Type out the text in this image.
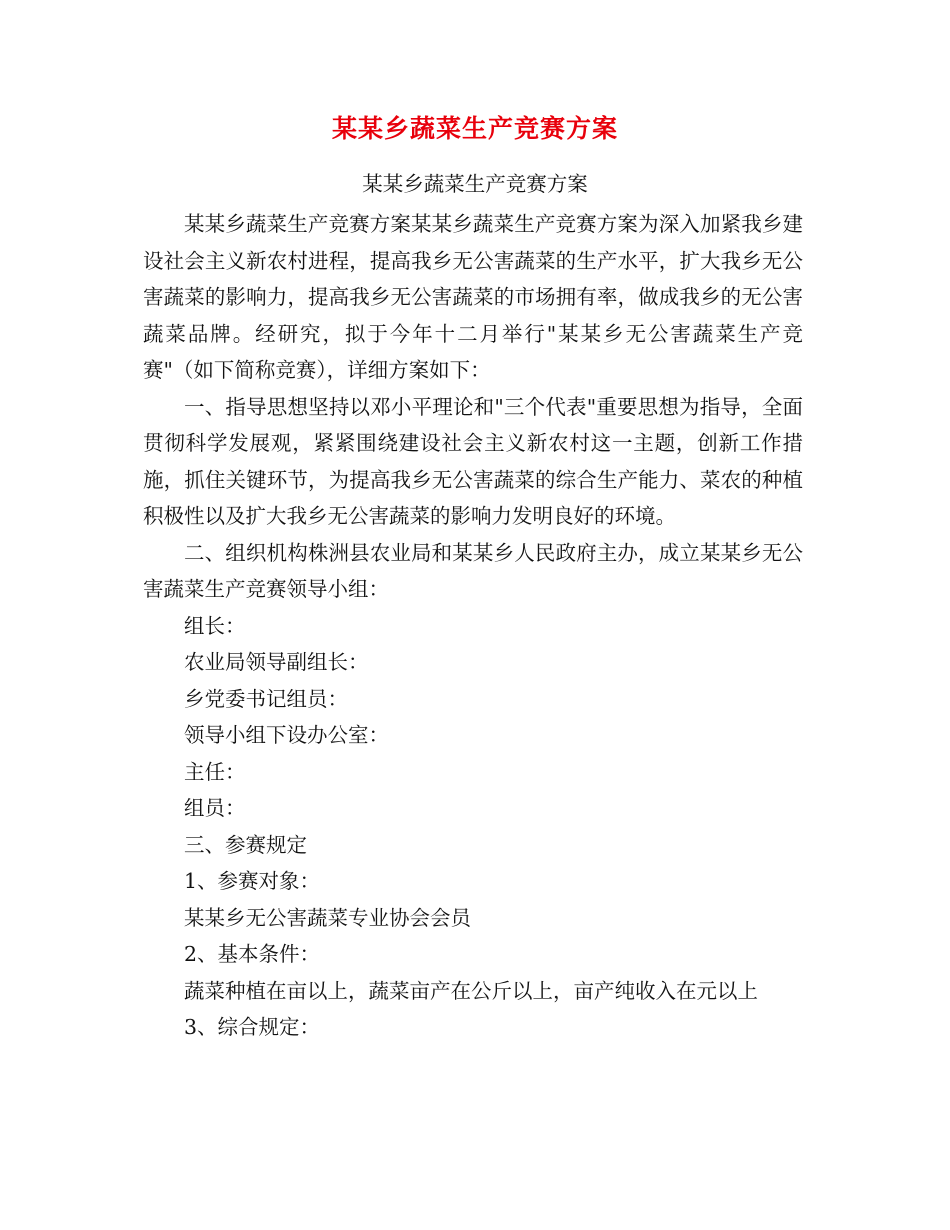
某某乡蔬菜生产竞赛方案
某某乡蔬菜生产竞赛方案

某某乡蔬菜生产竞赛方案某某乡蔬菜生产竞赛方案为深入加紧我乡建设社会主义新农村进程，提高我乡无公害蔬菜的生产水平，扩大我乡无公害蔬菜的影响力，提高我乡无公害蔬菜的市场拥有率，做成我乡的无公害蔬菜品牌。经研究，拟于今年十二月举行"某某乡无公害蔬菜生产竞赛"（如下简称竞赛），详细方案如下：

一、指导思想坚持以邓小平理论和"三个代表"重要思想为指导，全面贯彻科学发展观，紧紧围绕建设社会主义新农村这一主题，创新工作措施，抓住关键环节，为提高我乡无公害蔬菜的综合生产能力、菜农的种植积极性以及扩大我乡无公害蔬菜的影响力发明良好的环境。

二、组织机构株洲县农业局和某某乡人民政府主办，成立某某乡无公害蔬菜生产竞赛领导小组：

组长：

农业局领导副组长：

乡党委书记组员：

领导小组下设办公室：

主任：

组员：

三、参赛规定

1、参赛对象：

某某乡无公害蔬菜专业协会会员

2、基本条件：

蔬菜种植在亩以上，蔬菜亩产在公斤以上，亩产纯收入在元以上

3、综合规定：
